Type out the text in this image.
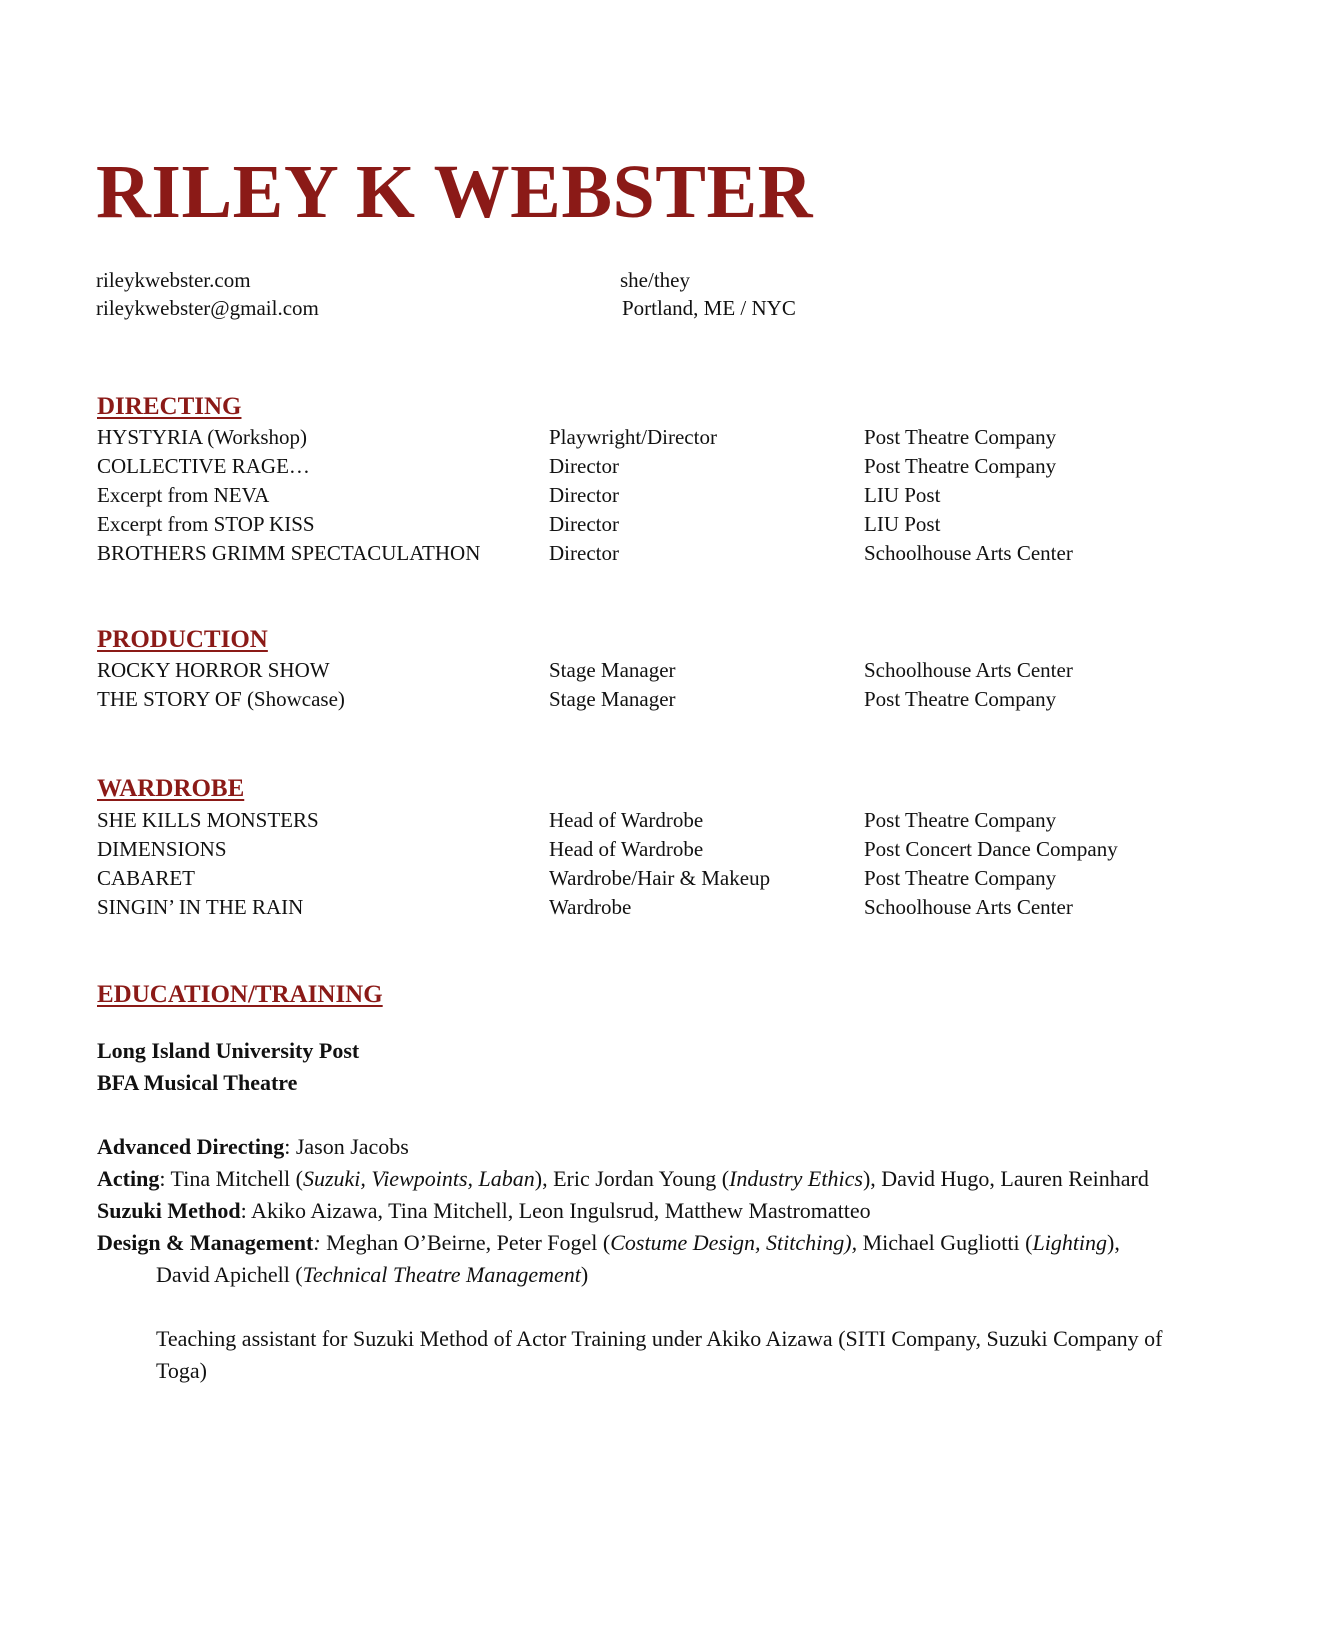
RILEY K WEBSTER
rileykwebster.com
rileykwebster@gmail.com
she/they
Portland, ME / NYC
DIRECTING
HYSTYRIA (Workshop)	Playwright/Director	Post Theatre Company
COLLECTIVE RAGE…	Director	Post Theatre Company
Excerpt from NEVA	Director	LIU Post
Excerpt from STOP KISS	Director	LIU Post
BROTHERS GRIMM SPECTACULATHON	Director	Schoolhouse Arts Center
PRODUCTION
ROCKY HORROR SHOW	Stage Manager	Schoolhouse Arts Center
THE STORY OF (Showcase)	Stage Manager	Post Theatre Company
WARDROBE
SHE KILLS MONSTERS	Head of Wardrobe	Post Theatre Company
DIMENSIONS	Head of Wardrobe	Post Concert Dance Company
CABARET	Wardrobe/Hair & Makeup	Post Theatre Company
SINGIN’ IN THE RAIN	Wardrobe	Schoolhouse Arts Center
EDUCATION/TRAINING
Long Island University Post
BFA Musical Theatre
Advanced Directing: Jason Jacobs
Acting: Tina Mitchell (Suzuki, Viewpoints, Laban), Eric Jordan Young (Industry Ethics), David Hugo, Lauren Reinhard
Suzuki Method: Akiko Aizawa, Tina Mitchell, Leon Ingulsrud, Matthew Mastromatteo
Design & Management: Meghan O’Beirne, Peter Fogel (Costume Design, Stitching), Michael Gugliotti (Lighting), David Apichell (Technical Theatre Management)
Teaching assistant for Suzuki Method of Actor Training under Akiko Aizawa (SITI Company, Suzuki Company of Toga)
